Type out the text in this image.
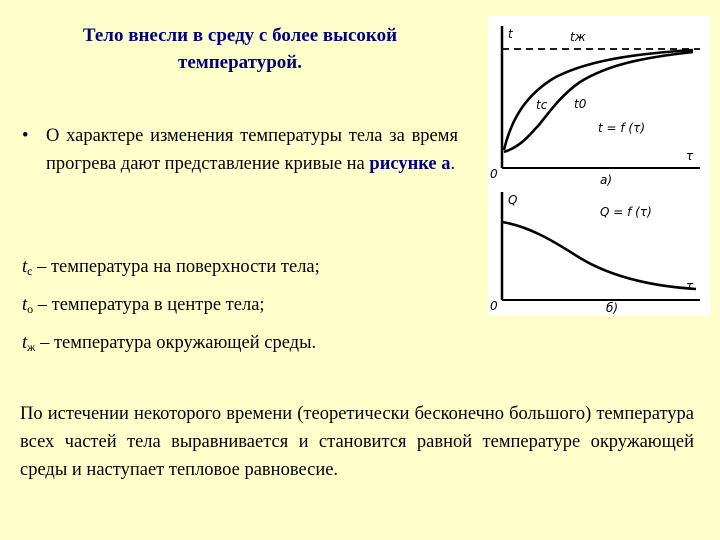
Тело внесли в среду с более высокой температурой.
• О характере изменения температуры тела за время прогрева дают представление кривые на рисунке а.
$t_с$ – температура на поверхности тела;
$t_о$ – температура в центре тела;
$t_ж$ – температура окружающей среды.
По истечении некоторого времени (теоретически бесконечно большого) температура всех частей тела выравнивается и становится равной температуре окружающей среды и наступает тепловое равновесие.
t	tж
tc t0
t = f (τ)
τ
0	а)
Q
Q = f (τ)
τ
0	б)
